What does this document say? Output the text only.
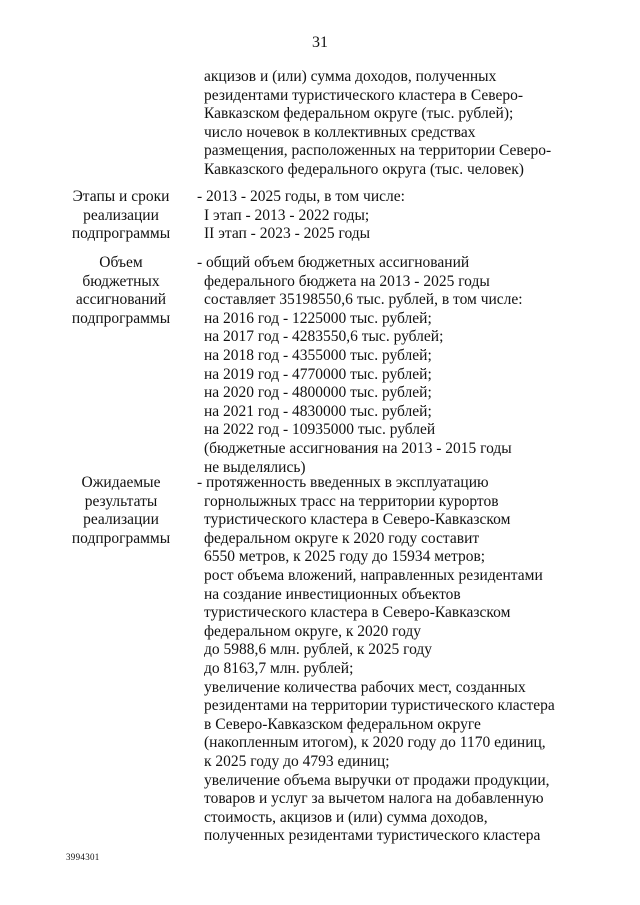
31
акцизов и (или) сумма доходов, полученных
резидентами туристического кластера в Северо-
Кавказском федеральном округе (тыс. рублей);
число ночевок в коллективных средствах
размещения, расположенных на территории Северо-
Кавказского федерального округа (тыс. человек)
Этапы и сроки
реализации
подпрограммы
- 2013 - 2025 годы, в том числе:
I этап - 2013 - 2022 годы;
II этап - 2023 - 2025 годы
Объем
бюджетных
ассигнований
подпрограммы
- общий объем бюджетных ассигнований
федерального бюджета на 2013 - 2025 годы
составляет 35198550,6 тыс. рублей, в том числе:
на 2016 год - 1225000 тыс. рублей;
на 2017 год - 4283550,6 тыс. рублей;
на 2018 год - 4355000 тыс. рублей;
на 2019 год - 4770000 тыс. рублей;
на 2020 год - 4800000 тыс. рублей;
на 2021 год - 4830000 тыс. рублей;
на 2022 год - 10935000 тыс. рублей
(бюджетные ассигнования на 2013 - 2015 годы
не выделялись)
Ожидаемые
результаты
реализации
подпрограммы
- протяженность введенных в эксплуатацию
горнолыжных трасс на территории курортов
туристического кластера в Северо-Кавказском
федеральном округе к 2020 году составит
6550 метров, к 2025 году до 15934 метров;
рост объема вложений, направленных резидентами
на создание инвестиционных объектов
туристического кластера в Северо-Кавказском
федеральном округе, к 2020 году
до 5988,6 млн. рублей, к 2025 году
до 8163,7 млн. рублей;
увеличение количества рабочих мест, созданных
резидентами на территории туристического кластера
в Северо-Кавказском федеральном округе
(накопленным итогом), к 2020 году до 1170 единиц,
к 2025 году до 4793 единиц;
увеличение объема выручки от продажи продукции,
товаров и услуг за вычетом налога на добавленную
стоимость, акцизов и (или) сумма доходов,
полученных резидентами туристического кластера
3994301
